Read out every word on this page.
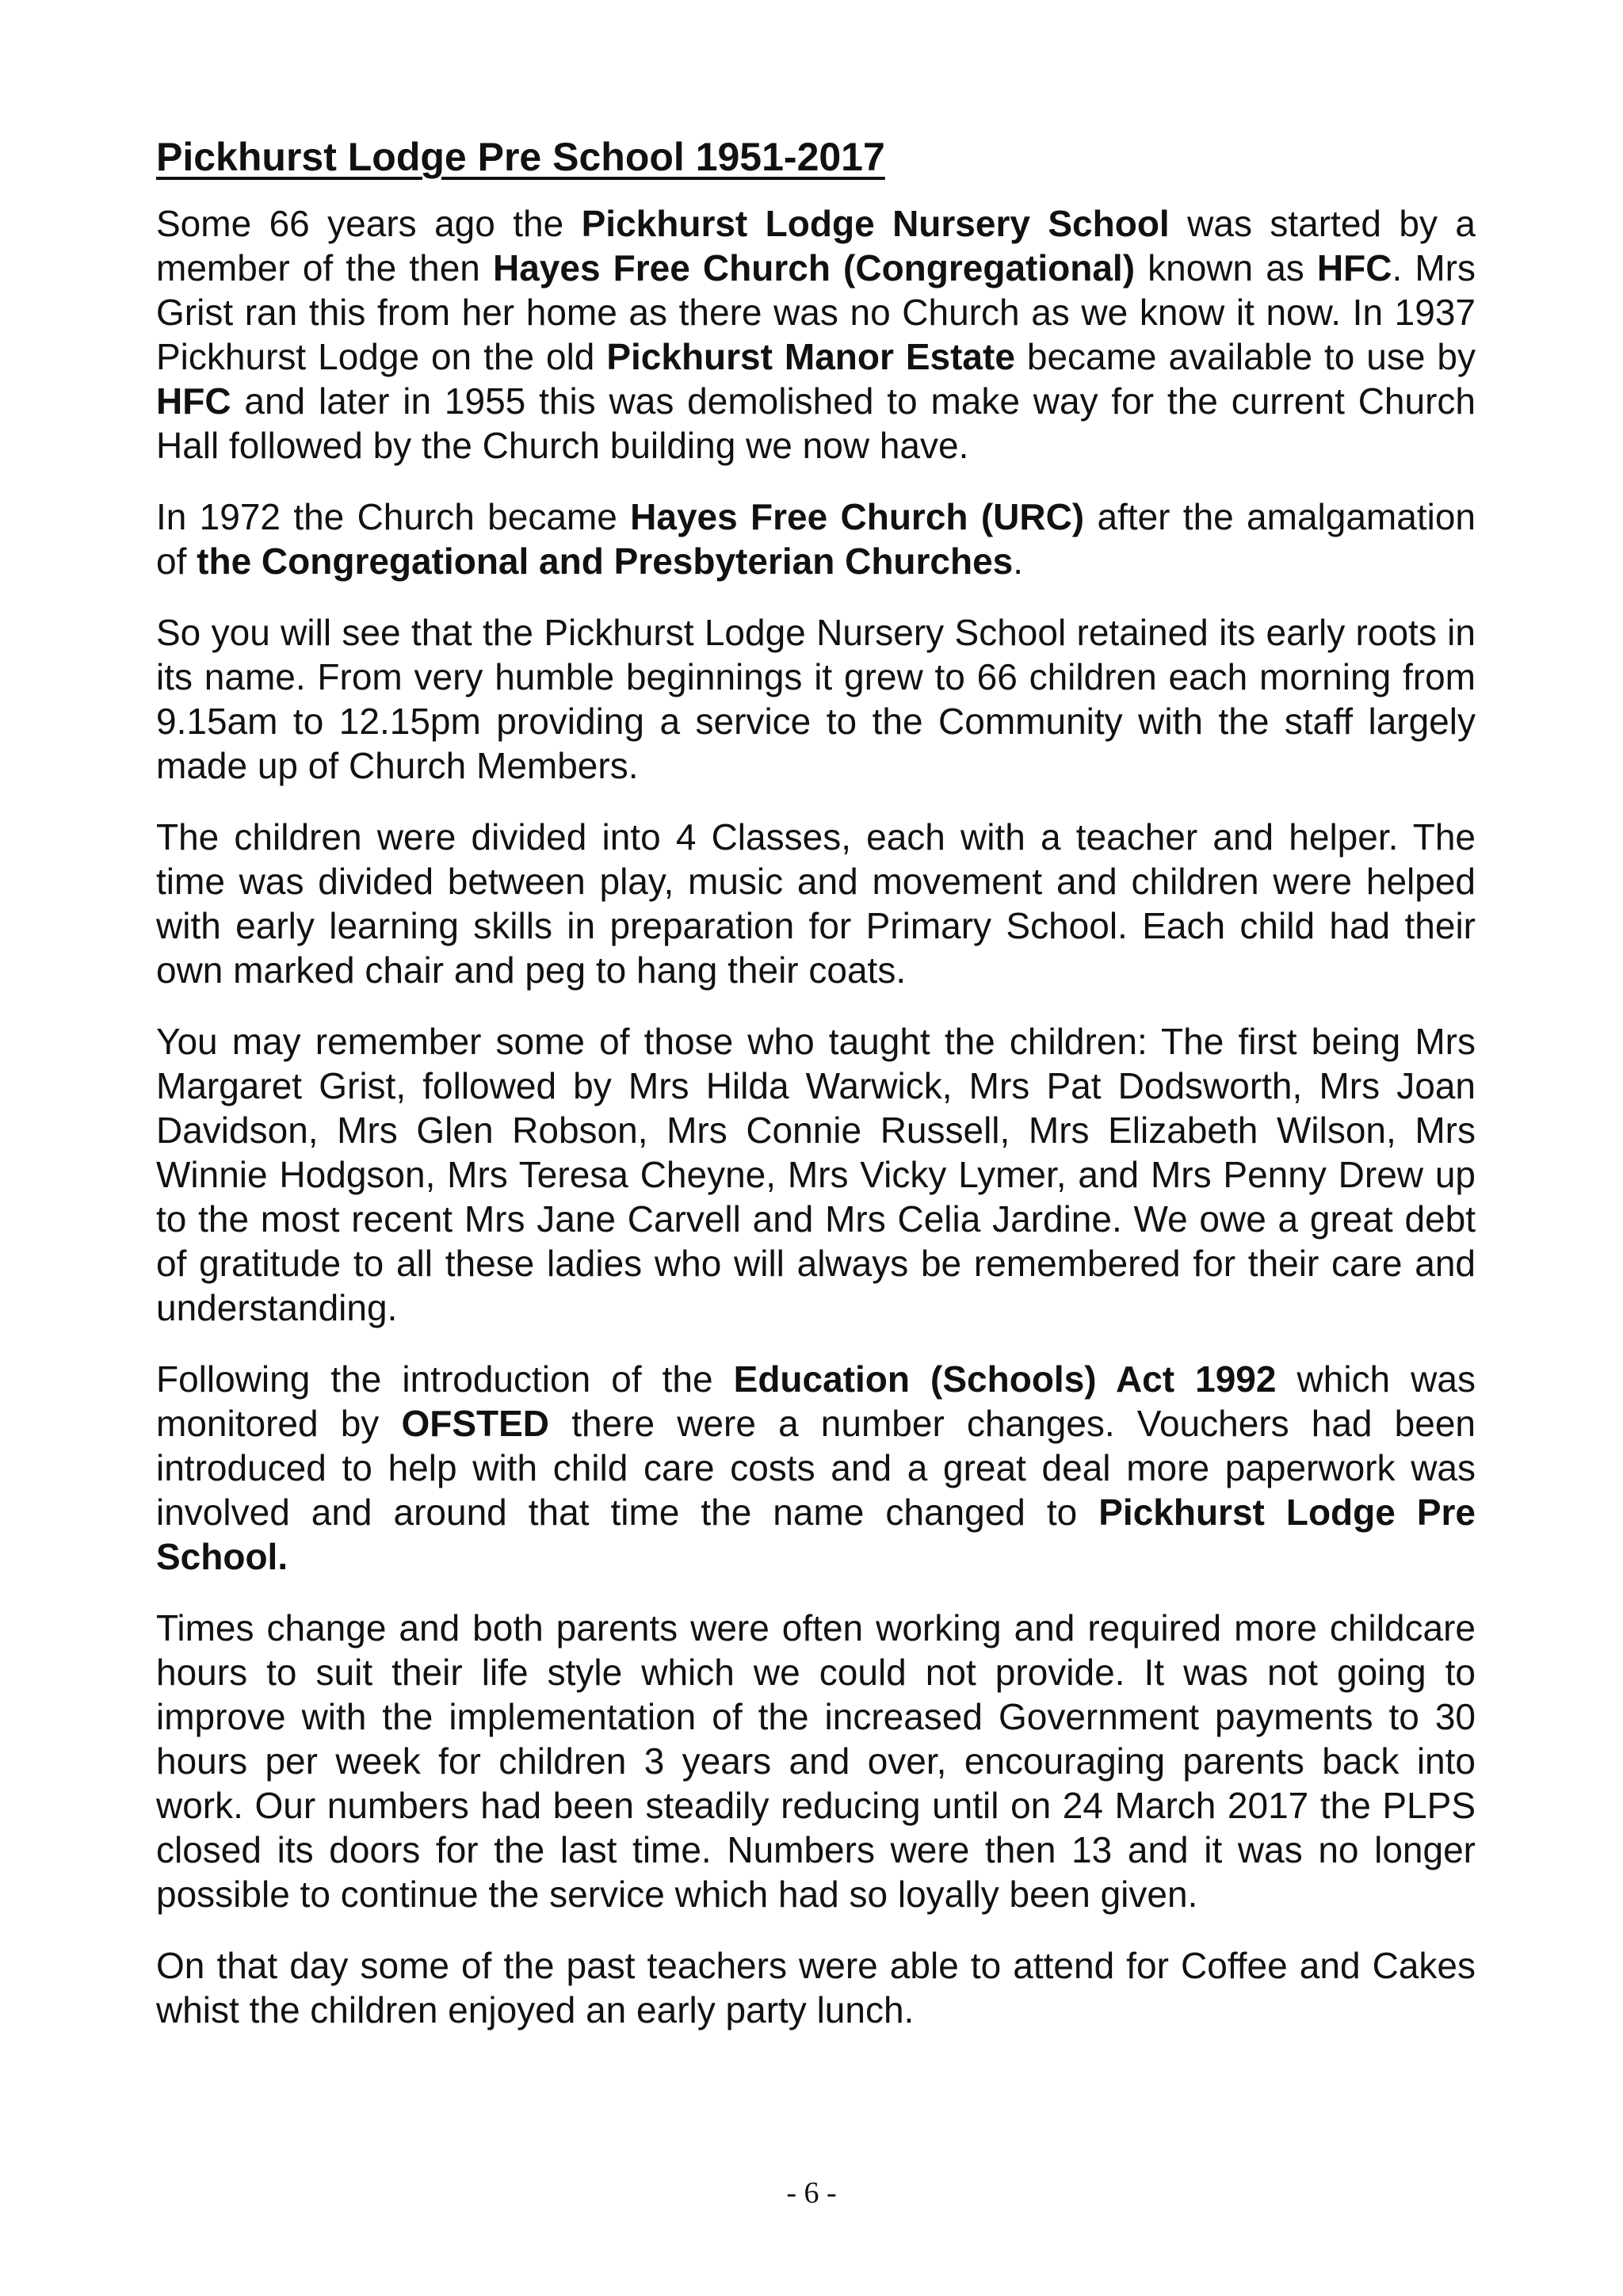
Pickhurst Lodge Pre School 1951-2017

Some 66 years ago the Pickhurst Lodge Nursery School was started by a member of the then Hayes Free Church (Congregational) known as HFC. Mrs Grist ran this from her home as there was no Church as we know it now. In 1937 Pickhurst Lodge on the old Pickhurst Manor Estate became available to use by HFC and later in 1955 this was demolished to make way for the current Church Hall followed by the Church building we now have.

In 1972 the Church became Hayes Free Church (URC) after the amalgamation of the Congregational and Presbyterian Churches.

So you will see that the Pickhurst Lodge Nursery School retained its early roots in its name. From very humble beginnings it grew to 66 children each morning from 9.15am to 12.15pm providing a service to the Community with the staff largely made up of Church Members.

The children were divided into 4 Classes, each with a teacher and helper. The time was divided between play, music and movement and children were helped with early learning skills in preparation for Primary School. Each child had their own marked chair and peg to hang their coats.

You may remember some of those who taught the children: The first being Mrs Margaret Grist, followed by Mrs Hilda Warwick, Mrs Pat Dodsworth, Mrs Joan Davidson, Mrs Glen Robson, Mrs Connie Russell, Mrs Elizabeth Wilson, Mrs Winnie Hodgson, Mrs Teresa Cheyne, Mrs Vicky Lymer, and Mrs Penny Drew up to the most recent Mrs Jane Carvell and Mrs Celia Jardine. We owe a great debt of gratitude to all these ladies who will always be remembered for their care and understanding.

Following the introduction of the Education (Schools) Act 1992 which was monitored by OFSTED there were a number changes. Vouchers had been introduced to help with child care costs and a great deal more paperwork was involved and around that time the name changed to Pickhurst Lodge Pre School.

Times change and both parents were often working and required more childcare hours to suit their life style which we could not provide. It was not going to improve with the implementation of the increased Government payments to 30 hours per week for children 3 years and over, encouraging parents back into work. Our numbers had been steadily reducing until on 24 March 2017 the PLPS closed its doors for the last time. Numbers were then 13 and it was no longer possible to continue the service which had so loyally been given.

On that day some of the past teachers were able to attend for Coffee and Cakes whist the children enjoyed an early party lunch.

- 6 -
